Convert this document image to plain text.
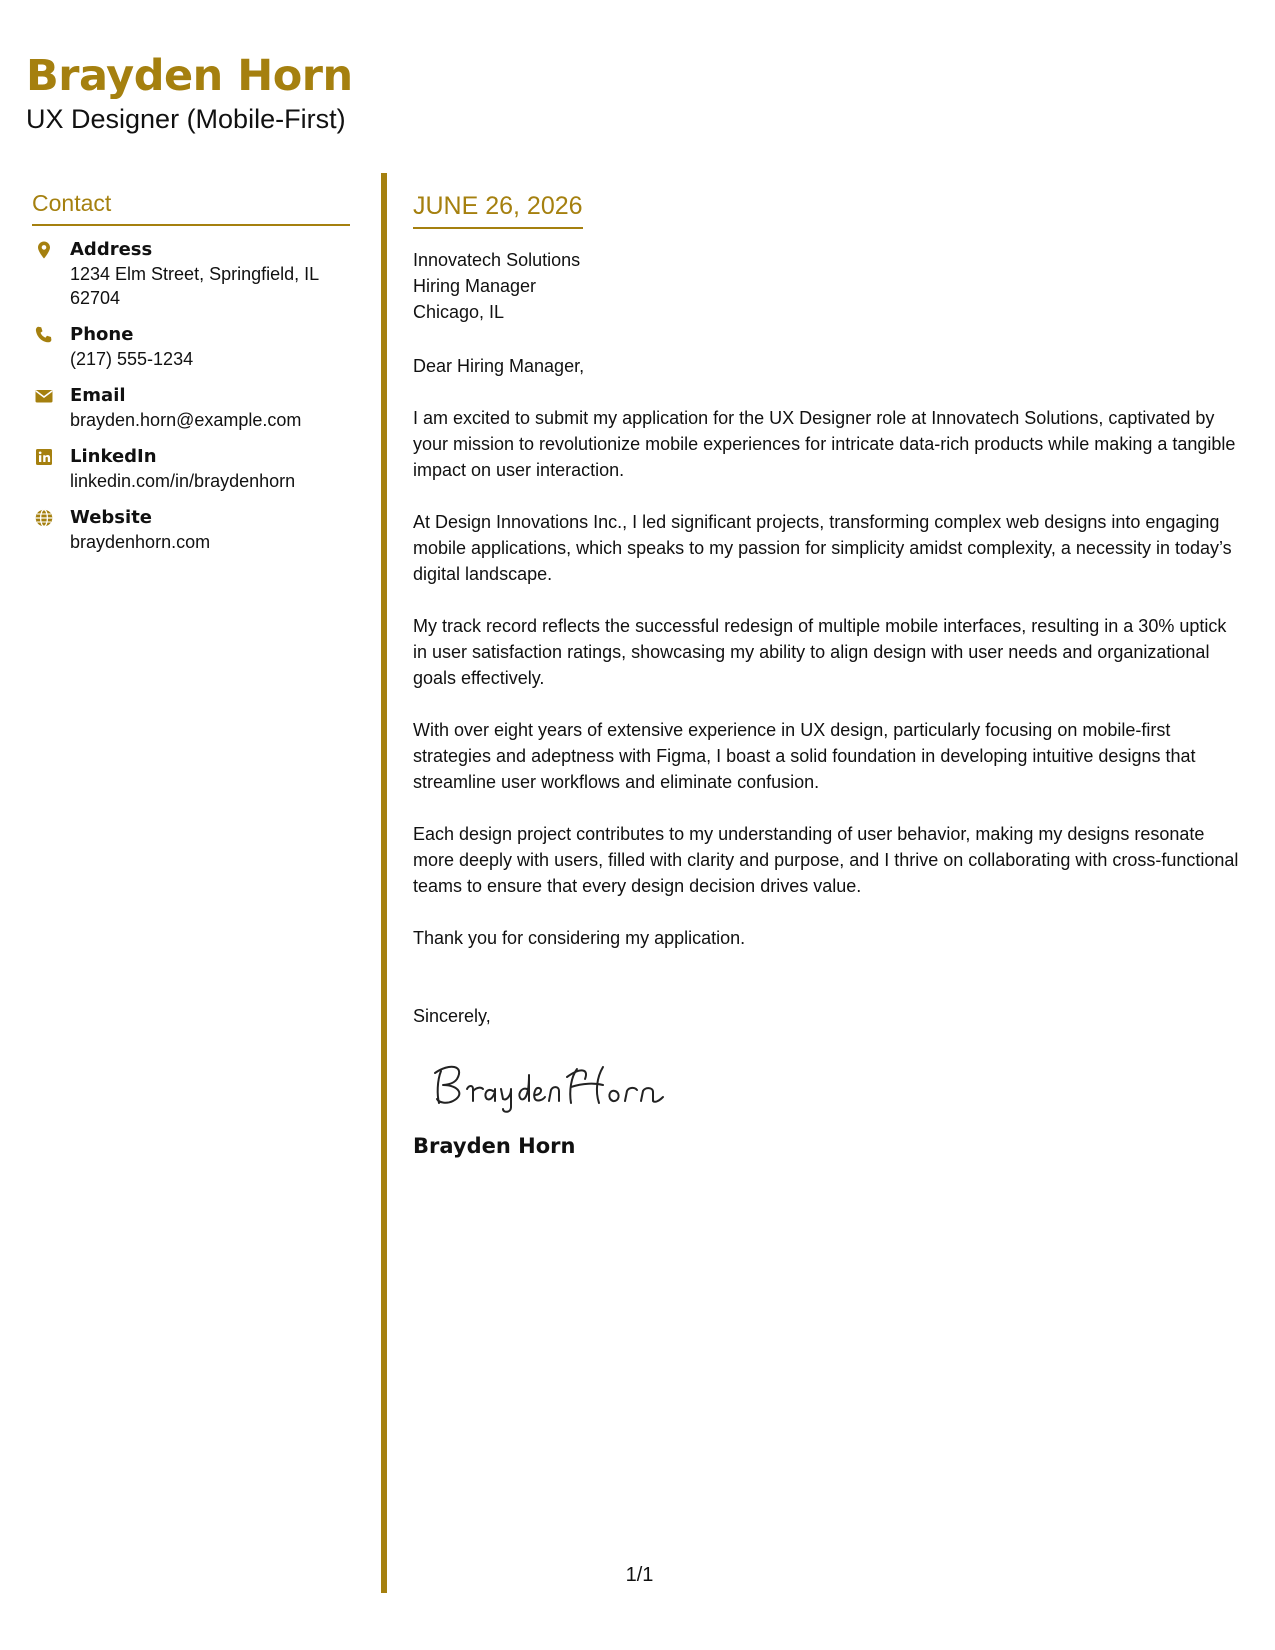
Brayden Horn
UX Designer (Mobile-First)
Contact
Address
1234 Elm Street, Springfield, IL 62704
Phone
(217) 555-1234
Email
brayden.horn@example.com
LinkedIn
linkedin.com/in/braydenhorn
Website
braydenhorn.com
JUNE 26, 2026
Innovatech Solutions
Hiring Manager
Chicago, IL
Dear Hiring Manager,
I am excited to submit my application for the UX Designer role at Innovatech Solutions, captivated by your mission to revolutionize mobile experiences for intricate data-rich products while making a tangible impact on user interaction.
At Design Innovations Inc., I led significant projects, transforming complex web designs into engaging mobile applications, which speaks to my passion for simplicity amidst complexity, a necessity in today’s digital landscape.
My track record reflects the successful redesign of multiple mobile interfaces, resulting in a 30% uptick in user satisfaction ratings, showcasing my ability to align design with user needs and organizational goals effectively.
With over eight years of extensive experience in UX design, particularly focusing on mobile-first strategies and adeptness with Figma, I boast a solid foundation in developing intuitive designs that streamline user workflows and eliminate confusion.
Each design project contributes to my understanding of user behavior, making my designs resonate more deeply with users, filled with clarity and purpose, and I thrive on collaborating with cross-functional teams to ensure that every design decision drives value.
Thank you for considering my application.
Sincerely,
Brayden Horn
1/1
